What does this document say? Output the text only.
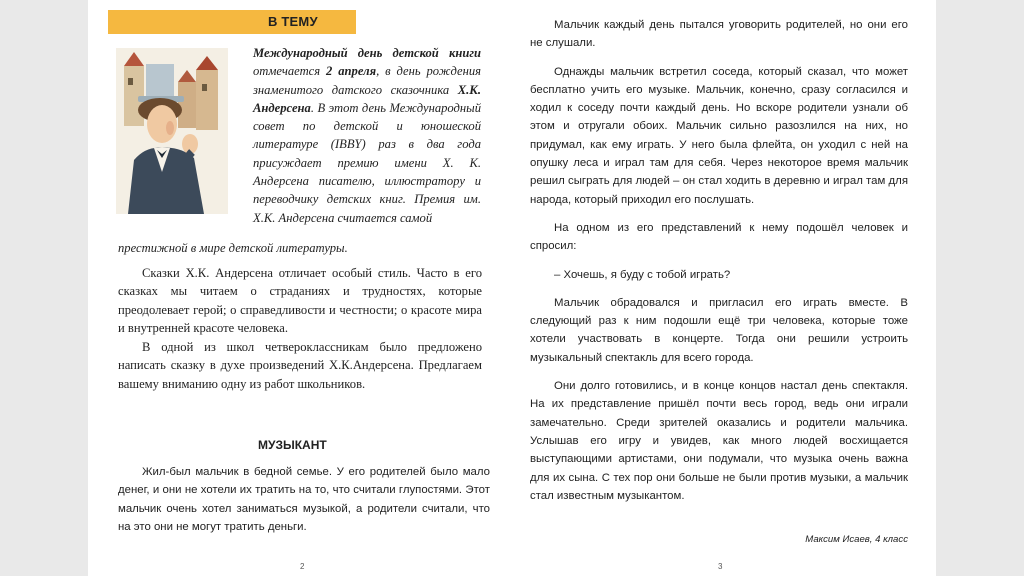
В ТЕМУ
Международный день детской книги отмечается 2 апреля, в день рождения знаменитого датского сказочника Х.К. Андерсена. В этот день Международный совет по детской и юношеской литературе (IBBY) раз в два года присуждает премию имени Х. К. Андерсена писателю, иллюстратору и переводчику детских книг. Премия им. Х.К. Андерсена считается самой
престижной в мире детской литературы.

Сказки Х.К. Андерсена отличает особый стиль. Часто в его сказках мы читаем о страданиях и трудностях, которые преодолевает герой; о справедливости и честности; о красоте мира и внутренней красоте человека.

В одной из школ четвероклассникам было предложено написать сказку в духе произведений Х.К.Андерсена. Предлагаем вашему вниманию одну из работ школьников.

МУЗЫКАНТ

Жил-был мальчик в бедной семье. У его родителей было мало денег, и они не хотели их тратить на то, что считали глупостями. Этот мальчик очень хотел заниматься музыкой, а родители считали, что на это они не могут тратить деньги.

2

Мальчик каждый день пытался уговорить родителей, но они его не слушали.

Однажды мальчик встретил соседа, который сказал, что может бесплатно учить его музыке. Мальчик, конечно, сразу согласился и ходил к соседу почти каждый день. Но вскоре родители узнали об этом и отругали обоих. Мальчик сильно разозлился на них, но придумал, как ему играть. У него была флейта, он уходил с ней на опушку леса и играл там для себя. Через некоторое время мальчик решил сыграть для людей – он стал ходить в деревню и играл там для народа, который приходил его послушать.

На одном из его представлений к нему подошёл человек и спросил:

– Хочешь, я буду с тобой играть?

Мальчик обрадовался и пригласил его играть вместе. В следующий раз к ним подошли ещё три человека, которые тоже хотели участвовать в концерте. Тогда они решили устроить музыкальный спектакль для всего города.

Они долго готовились, и в конце концов настал день спектакля. На их представление пришёл почти весь город, ведь они играли замечательно. Среди зрителей оказались и родители мальчика. Услышав его игру и увидев, как много людей восхищается выступающими артистами, они подумали, что музыка очень важна для их сына. С тех пор они больше не были против музыки, а мальчик стал известным музыкантом.

Максим Исаев, 4 класс
3
